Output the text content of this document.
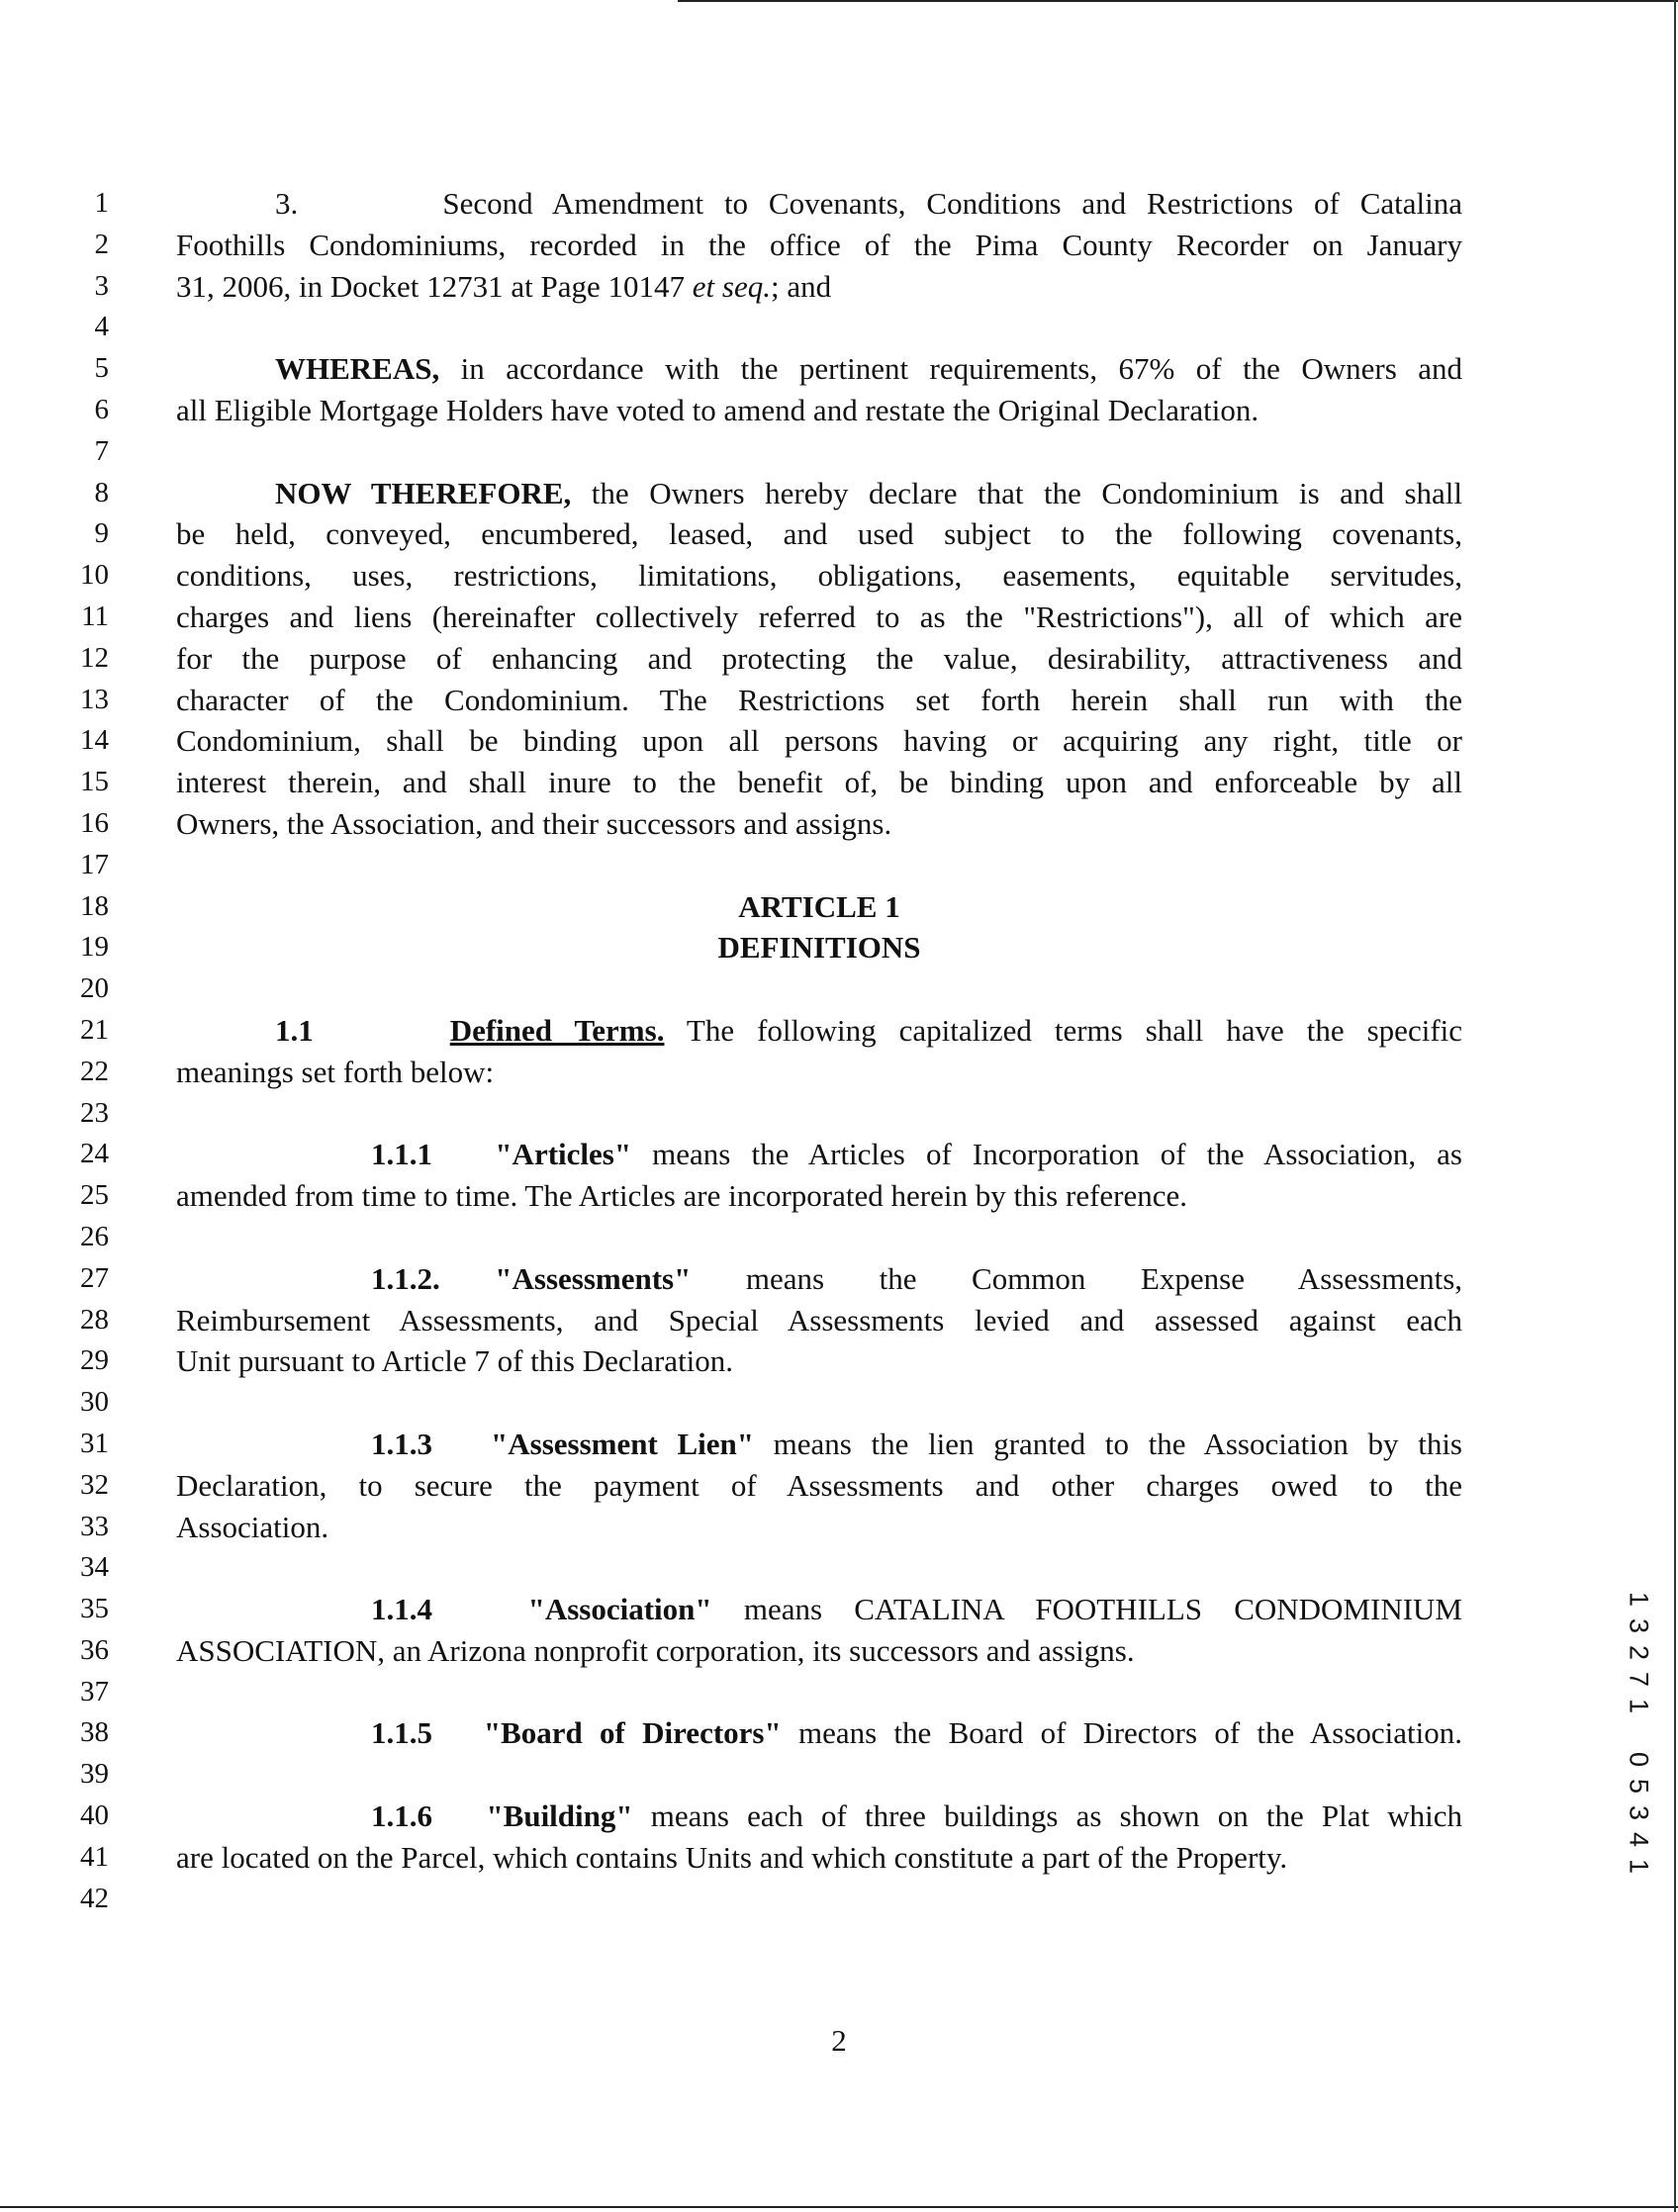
1
2
3
4
5
6
7
8
9
10
11
12
13
14
15
16
17
18
19
20
21
22
23
24
25
26
27
28
29
30
31
32
33
34
35
36
37
38
39
40
41
42
3.	Second Amendment to Covenants, Conditions and Restrictions of Catalina
Foothills Condominiums, recorded in the office of the Pima County Recorder on January
31, 2006, in Docket 12731 at Page 10147 et seq.; and
WHEREAS, in accordance with the pertinent requirements, 67% of the Owners and
all Eligible Mortgage Holders have voted to amend and restate the Original Declaration.
NOW THEREFORE, the Owners hereby declare that the Condominium is and shall
be held, conveyed, encumbered, leased, and used subject to the following covenants,
conditions, uses, restrictions, limitations, obligations, easements, equitable servitudes,
charges and liens (hereinafter collectively referred to as the "Restrictions"), all of which are
for the purpose of enhancing and protecting the value, desirability, attractiveness and
character of the Condominium. The Restrictions set forth herein shall run with the
Condominium, shall be binding upon all persons having or acquiring any right, title or
interest therein, and shall inure to the benefit of, be binding upon and enforceable by all
Owners, the Association, and their successors and assigns.
ARTICLE 1
DEFINITIONS
1.1	Defined Terms. The following capitalized terms shall have the specific
meanings set forth below:
1.1.1 "Articles" means the Articles of Incorporation of the Association, as
amended from time to time. The Articles are incorporated herein by this reference.
1.1.2. "Assessments" means the Common Expense Assessments,
Reimbursement Assessments, and Special Assessments levied and assessed against each
Unit pursuant to Article 7 of this Declaration.
1.1.3 "Assessment Lien" means the lien granted to the Association by this
Declaration, to secure the payment of Assessments and other charges owed to the
Association.
1.1.4	"Association" means CATALINA FOOTHILLS CONDOMINIUM
ASSOCIATION, an Arizona nonprofit corporation, its successors and assigns.
1.1.5 "Board of Directors" means the Board of Directors of the Association.
1.1.6 "Building" means each of three buildings as shown on the Plat which
are located on the Parcel, which contains Units and which constitute a part of the Property.
2
1
3
2
7
1
0
5
3
4
1
